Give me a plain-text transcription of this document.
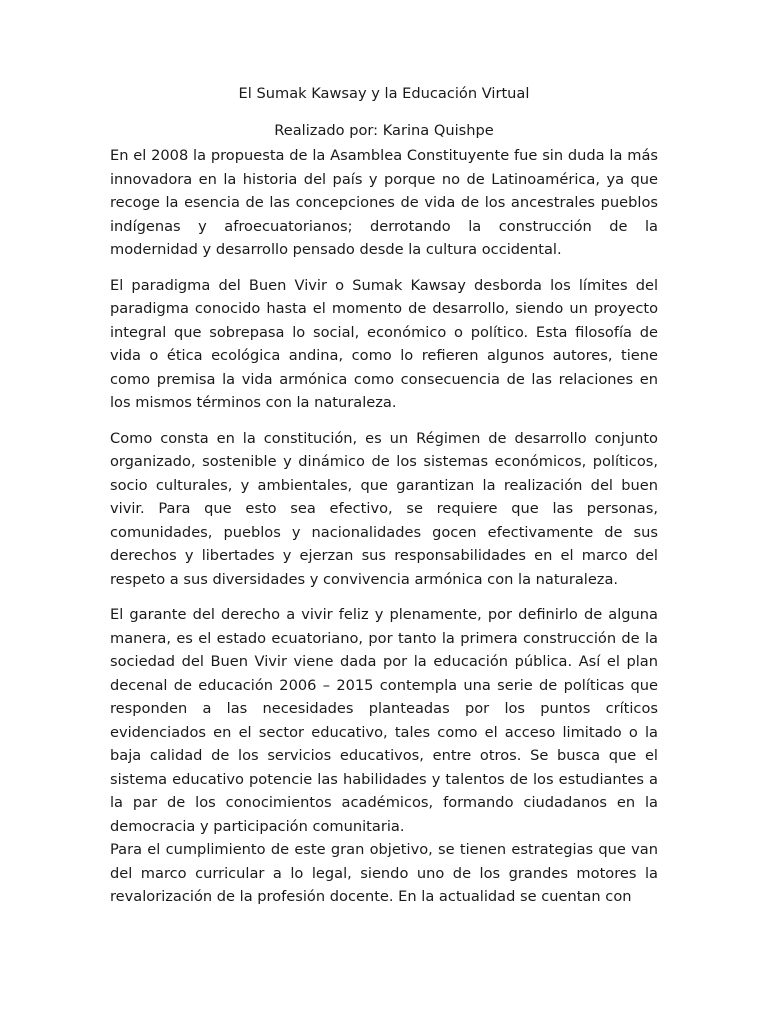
El Sumak Kawsay y la Educación Virtual

Realizado por: Karina Quishpe

En el 2008 la propuesta de la Asamblea Constituyente fue sin duda la más innovadora en la historia del país y porque no de Latinoamérica, ya que recoge la esencia de las concepciones de vida de los ancestrales pueblos indígenas y afroecuatorianos; derrotando la construcción de la modernidad y desarrollo pensado desde la cultura occidental.

El paradigma del Buen Vivir o Sumak Kawsay desborda los límites del paradigma conocido hasta el momento de desarrollo, siendo un proyecto integral que sobrepasa lo social, económico o político. Esta filosofía de vida o ética ecológica andina, como lo refieren algunos autores, tiene como premisa la vida armónica como consecuencia de las relaciones en los mismos términos con la naturaleza.

Como consta en la constitución, es un Régimen de desarrollo conjunto organizado, sostenible y dinámico de los sistemas económicos, políticos, socio culturales, y ambientales, que garantizan la realización del buen vivir. Para que esto sea efectivo, se requiere que las personas, comunidades, pueblos y nacionalidades gocen efectivamente de sus derechos y libertades y ejerzan sus responsabilidades en el marco del respeto a sus diversidades y convivencia armónica con la naturaleza.

El garante del derecho a vivir feliz y plenamente, por definirlo de alguna manera, es el estado ecuatoriano, por tanto la primera construcción de la sociedad del Buen Vivir viene dada por la educación pública. Así el plan decenal de educación 2006 – 2015 contempla una serie de políticas que responden a las necesidades planteadas por los puntos críticos evidenciados en el sector educativo, tales como el acceso limitado o la baja calidad de los servicios educativos, entre otros. Se busca que el sistema educativo potencie las habilidades y talentos de los estudiantes a la par de los conocimientos académicos, formando ciudadanos en la democracia y participación comunitaria.

Para el cumplimiento de este gran objetivo, se tienen estrategias que van del marco curricular a lo legal, siendo uno de los grandes motores la revalorización de la profesión docente. En la actualidad se cuentan con
